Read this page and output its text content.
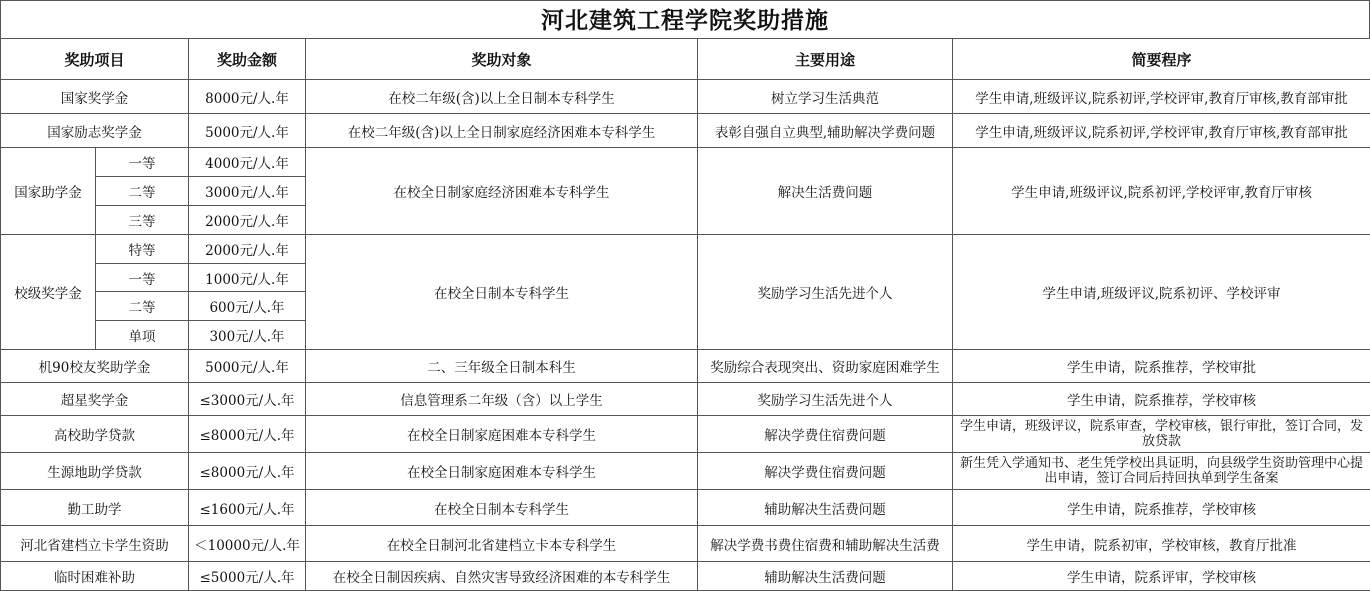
河北建筑工程学院奖助措施
奖助项目		奖助金额	奖助对象	主要用途	简要程序
国家奖学金		8000元/人.年	在校二年级(含)以上全日制本专科学生	树立学习生活典范	学生申请,班级评议,院系初评,学校评审,教育厅审核,教育部审批
国家励志奖学金		5000元/人.年	在校二年级(含)以上全日制家庭经济困难本专科学生	表彰自强自立典型,辅助解决学费问题	学生申请,班级评议,院系初评,学校评审,教育厅审核,教育部审批
国家助学金	一等	4000元/人.年	在校全日制家庭经济困难本专科学生	解决生活费问题	学生申请,班级评议,院系初评,学校评审,教育厅审核
	二等	3000元/人.年			
	三等	2000元/人.年			
校级奖学金	特等	2000元/人.年	在校全日制本专科学生	奖励学习生活先进个人	学生申请,班级评议,院系初评、学校评审
	一等	1000元/人.年			
	二等	600元/人.年			
	单项	300元/人.年			
机90校友奖助学金		5000元/人.年	二、三年级全日制本科生	奖励综合表现突出、资助家庭困难学生	学生申请，院系推荐，学校审批
超星奖学金		≤3000元/人.年	信息管理系二年级（含）以上学生	奖励学习生活先进个人	学生申请，院系推荐，学校审核
高校助学贷款		≤8000元/人.年	在校全日制家庭困难本专科学生	解决学费住宿费问题	学生申请，班级评议，院系审查，学校审核，银行审批，签订合同，发放贷款
生源地助学贷款		≤8000元/人.年	在校全日制家庭困难本专科学生	解决学费住宿费问题	新生凭入学通知书、老生凭学校出具证明，向县级学生资助管理中心提出申请，签订合同后持回执单到学生备案
勤工助学		≤1600元/人.年	在校全日制本专科学生	辅助解决生活费问题	学生申请，院系推荐，学校审核
河北省建档立卡学生资助		＜10000元/人.年	在校全日制河北省建档立卡本专科学生	解决学费书费住宿费和辅助解决生活费	学生申请，院系初审，学校审核，教育厅批准
临时困难补助		≤5000元/人.年	在校全日制因疾病、自然灾害导致经济困难的本专科学生	辅助解决生活费问题	学生申请，院系评审，学校审核
